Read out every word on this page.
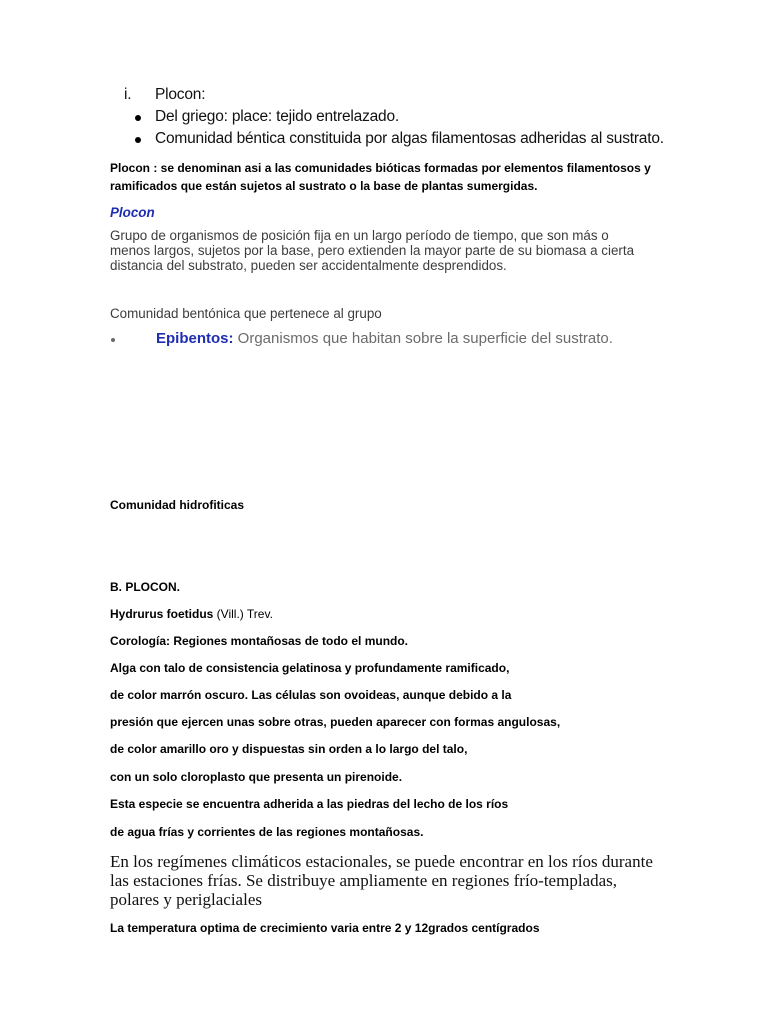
i. Plocon:
Del griego: place: tejido entrelazado.
Comunidad béntica constituida por algas filamentosas adheridas al sustrato.
Plocon : se denominan asi a las comunidades bióticas formadas por elementos filamentosos y
ramificados que están sujetos al sustrato o la base de plantas sumergidas.
Plocon
Grupo de organismos de posición fija en un largo período de tiempo, que son más o
menos largos, sujetos por la base, pero extienden la mayor parte de su biomasa a cierta
distancia del substrato, pueden ser accidentalmente desprendidos.
Comunidad bentónica que pertenece al grupo
Epibentos: Organismos que habitan sobre la superficie del sustrato.
Comunidad hidrofiticas
B. PLOCON.
Hydrurus foetidus (Vill.) Trev.
Corología: Regiones montañosas de todo el mundo.
Alga con talo de consistencia gelatinosa y profundamente ramificado,
de color marrón oscuro. Las células son ovoideas, aunque debido a la
presión que ejercen unas sobre otras, pueden aparecer con formas angulosas,
de color amarillo oro y dispuestas sin orden a lo largo del talo,
con un solo cloroplasto que presenta un pirenoide.
Esta especie se encuentra adherida a las piedras del lecho de los ríos
de agua frías y corrientes de las regiones montañosas.
En los regímenes climáticos estacionales, se puede encontrar en los ríos durante las estaciones frías. Se distribuye ampliamente en regiones frío-templadas, polares y periglaciales
La temperatura optima de crecimiento varia entre 2 y 12grados centígrados
